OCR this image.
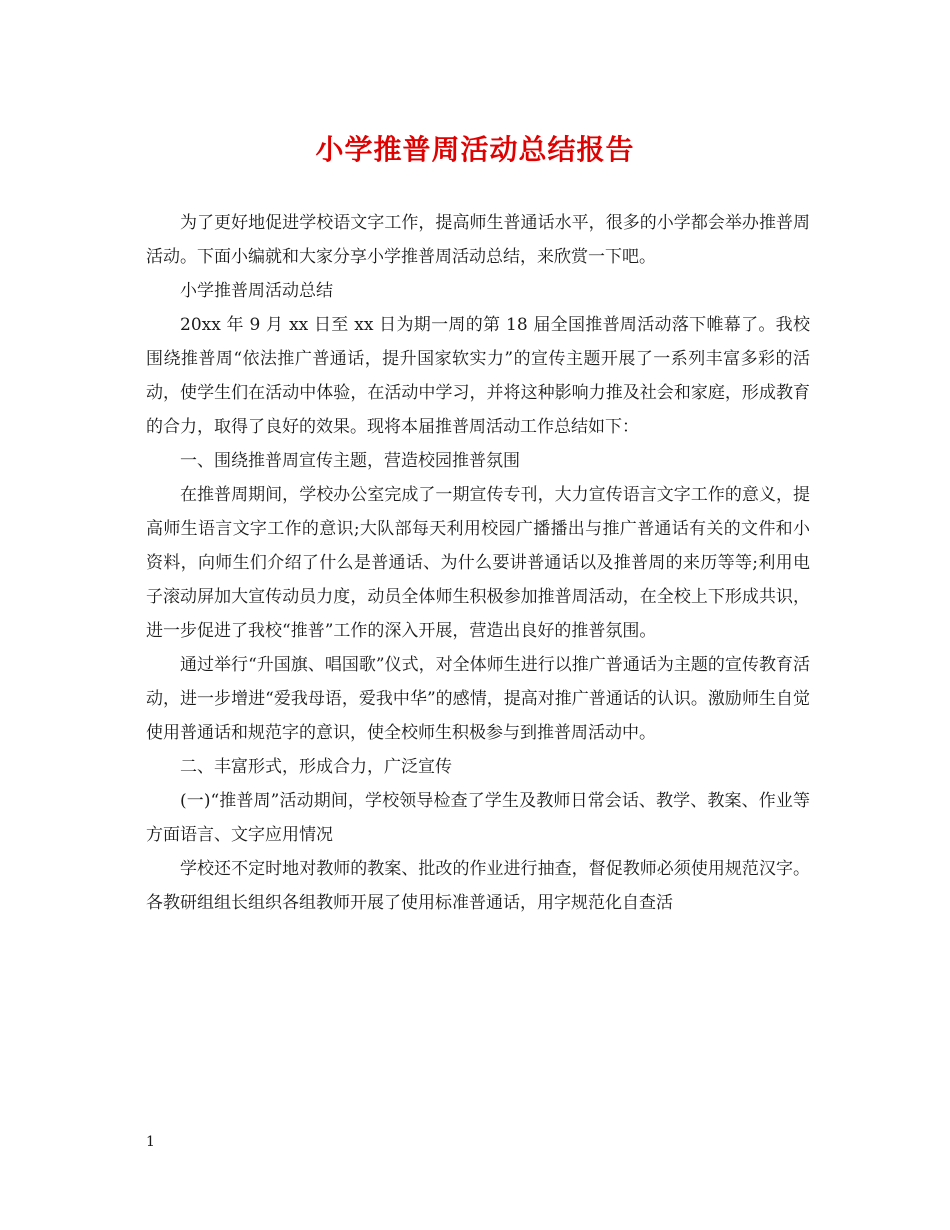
小学推普周活动总结报告

为了更好地促进学校语文字工作，提高师生普通话水平，很多的小学都会举办推普周活动。下面小编就和大家分享小学推普周活动总结，来欣赏一下吧。

小学推普周活动总结

20xx 年 9 月 xx 日至 xx 日为期一周的第 18 届全国推普周活动落下帷幕了。我校围绕推普周“依法推广普通话，提升国家软实力”的宣传主题开展了一系列丰富多彩的活动，使学生们在活动中体验，在活动中学习，并将这种影响力推及社会和家庭，形成教育的合力，取得了良好的效果。现将本届推普周活动工作总结如下：

一、围绕推普周宣传主题，营造校园推普氛围

在推普周期间，学校办公室完成了一期宣传专刊，大力宣传语言文字工作的意义，提高师生语言文字工作的意识;大队部每天利用校园广播播出与推广普通话有关的文件和小资料，向师生们介绍了什么是普通话、为什么要讲普通话以及推普周的来历等等;利用电子滚动屏加大宣传动员力度，动员全体师生积极参加推普周活动，在全校上下形成共识，进一步促进了我校“推普”工作的深入开展，营造出良好的推普氛围。

通过举行“升国旗、唱国歌”仪式，对全体师生进行以推广普通话为主题的宣传教育活动，进一步增进“爱我母语，爱我中华”的感情，提高对推广普通话的认识。激励师生自觉使用普通话和规范字的意识，使全校师生积极参与到推普周活动中。

二、丰富形式，形成合力，广泛宣传

(一)“推普周”活动期间，学校领导检查了学生及教师日常会话、教学、教案、作业等方面语言、文字应用情况

学校还不定时地对教师的教案、批改的作业进行抽查，督促教师必须使用规范汉字。各教研组组长组织各组教师开展了使用标准普通话，用字规范化自查活

1
